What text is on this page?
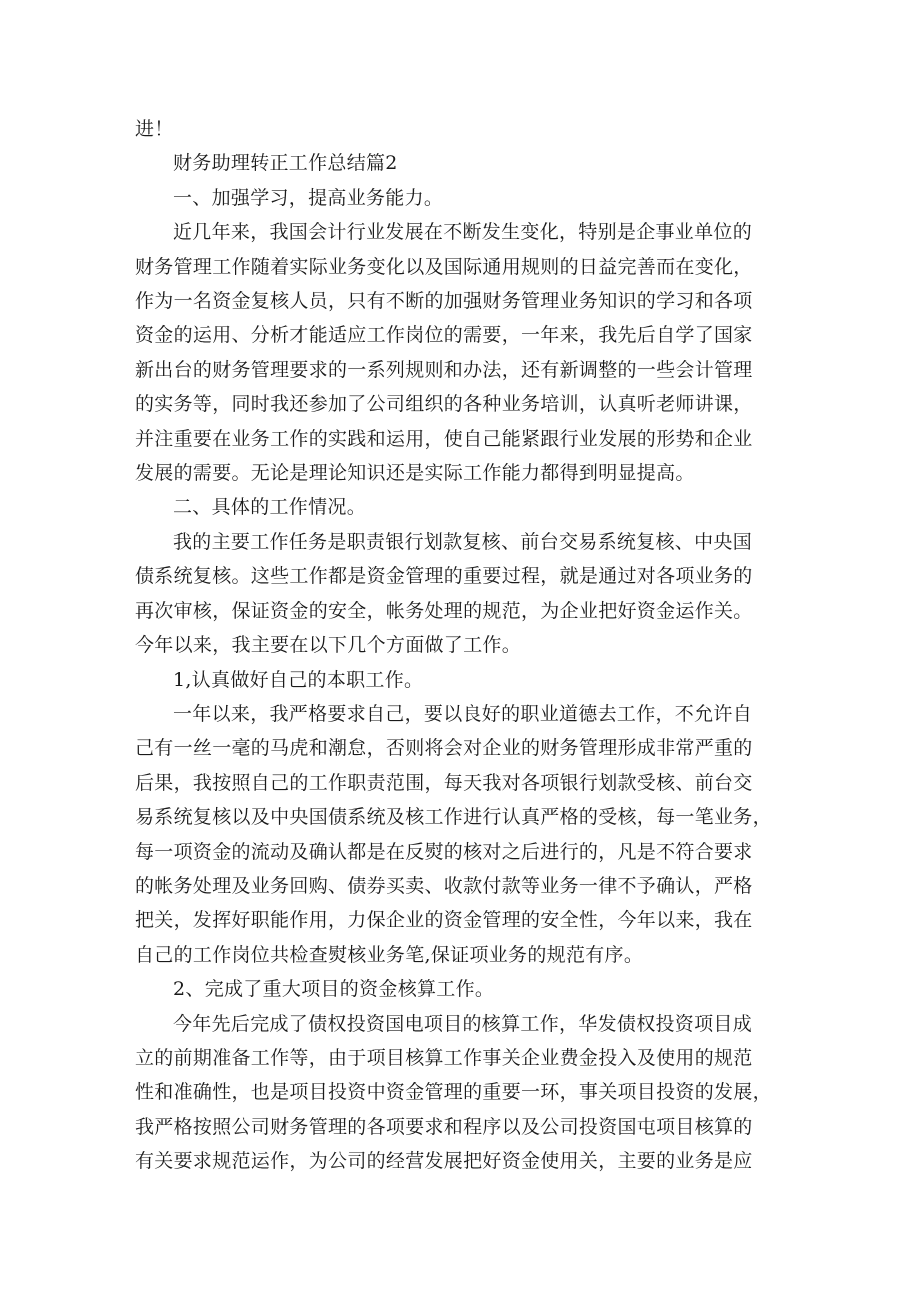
进！
财务助理转正工作总结篇2
一、加强学习，提高业务能力。
近几年来，我国会计行业发展在不断发生变化，特别是企事业单位的
财务管理工作随着实际业务变化以及国际通用规则的日益完善而在变化，
作为一名资金复核人员，只有不断的加强财务管理业务知识的学习和各项
资金的运用、分析才能适应工作岗位的需要，一年来，我先后自学了国家
新出台的财务管理要求的一系列规则和办法，还有新调整的一些会计管理
的实务等，同时我还参加了公司组织的各种业务培训，认真听老师讲课，
并注重要在业务工作的实践和运用，使自己能紧跟行业发展的形势和企业
发展的需要。无论是理论知识还是实际工作能力都得到明显提高。
二、具体的工作情况。
我的主要工作任务是职责银行划款复核、前台交易系统复核、中央国
债系统复核。这些工作都是资金管理的重要过程，就是通过对各项业务的
再次审核，保证资金的安全，帐务处理的规范，为企业把好资金运作关。
今年以来，我主要在以下几个方面做了工作。
1,认真做好自己的本职工作。
一年以来，我严格要求自己，要以良好的职业道德去工作，不允许自
己有一丝一毫的马虎和潮怠，否则将会对企业的财务管理形成非常严重的
后果，我按照自己的工作职责范围，每天我对各项银行划款受核、前台交
易系统复核以及中央国债系统及核工作进行认真严格的受核，每一笔业务，
每一项资金的流动及确认都是在反熨的核对之后进行的，凡是不符合要求
的帐务处理及业务回购、债券买卖、收款付款等业务一律不予确认，严格
把关，发挥好职能作用，力保企业的资金管理的安全性，今年以来，我在
自己的工作岗位共检查熨核业务笔,保证项业务的规范有序。
2、完成了重大项目的资金核算工作。
今年先后完成了债权投资国电项目的核算工作，华发债权投资项目成
立的前期准备工作等，由于项目核算工作事关企业费金投入及使用的规范
性和准确性，也是项目投资中资金管理的重要一环，事关项目投资的发展，
我严格按照公司财务管理的各项要求和程序以及公司投资国屯项目核算的
有关要求规范运作，为公司的经营发展把好资金使用关，主要的业务是应
